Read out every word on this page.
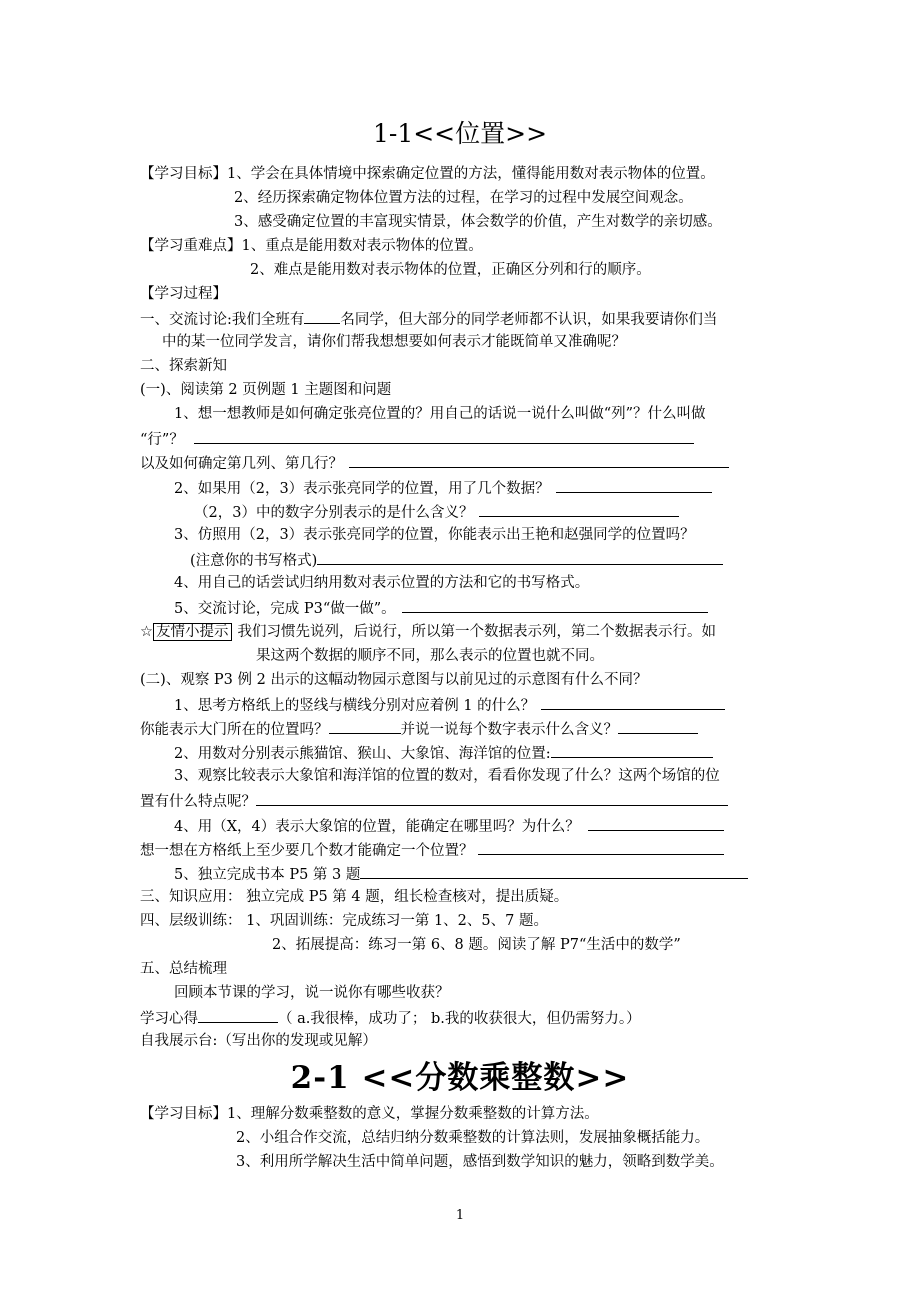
1-1<<位置>>
【学习目标】1、学会在具体情境中探索确定位置的方法，懂得能用数对表示物体的位置。
2、经历探索确定物体位置方法的过程，在学习的过程中发展空间观念。
3、感受确定位置的丰富现实情景，体会数学的价值，产生对数学的亲切感。
【学习重难点】1、重点是能用数对表示物体的位置。
2、难点是能用数对表示物体的位置，正确区分列和行的顺序。
【学习过程】
一、交流讨论:我们全班有 名同学，但大部分的同学老师都不认识，如果我要请你们当
中的某一位同学发言，请你们帮我想想要如何表示才能既简单又准确呢？
二、探索新知
(一)、阅读第 2 页例题 1 主题图和问题
1、想一想教师是如何确定张亮位置的？用自己的话说一说什么叫做“列”？什么叫做
“行”？
以及如何确定第几列、第几行？
2、如果用（2，3）表示张亮同学的位置，用了几个数据？
（2，3）中的数字分别表示的是什么含义？
3、仿照用（2，3）表示张亮同学的位置，你能表示出王艳和赵强同学的位置吗？
(注意你的书写格式)
4、用自己的话尝试归纳用数对表示位置的方法和它的书写格式。
5、交流讨论，完成 P3“做一做”。
☆ 友情小提示 我们习惯先说列，后说行，所以第一个数据表示列，第二个数据表示行。如
果这两个数据的顺序不同，那么表示的位置也就不同。
(二)、观察 P3 例 2 出示的这幅动物园示意图与以前见过的示意图有什么不同？
1、思考方格纸上的竖线与横线分别对应着例 1 的什么？
你能表示大门所在的位置吗？	并说一说每个数字表示什么含义？
2、用数对分别表示熊猫馆、猴山、大象馆、海洋馆的位置:
3、观察比较表示大象馆和海洋馆的位置的数对，看看你发现了什么？这两个场馆的位
置有什么特点呢？
4、用（X，4）表示大象馆的位置，能确定在哪里吗？为什么？
想一想在方格纸上至少要几个数才能确定一个位置？
5、独立完成书本 P5 第 3 题
三、知识应用： 独立完成 P5 第 4 题，组长检查核对，提出质疑。
四、层级训练： 1、巩固训练：完成练习一第 1、2、5、7 题。
2、拓展提高：练习一第 6、8 题。阅读了解 P7“生活中的数学”
五、总结梳理
回顾本节课的学习，说一说你有哪些收获？
学习心得	（ a.我很棒，成功了； b.我的收获很大，但仍需努力。）
自我展示台:（写出你的发现或见解）
2-1 <<分数乘整数>>
【学习目标】1、理解分数乘整数的意义，掌握分数乘整数的计算方法。
2、小组合作交流，总结归纳分数乘整数的计算法则，发展抽象概括能力。
3、利用所学解决生活中简单问题，感悟到数学知识的魅力，领略到数学美。
1
